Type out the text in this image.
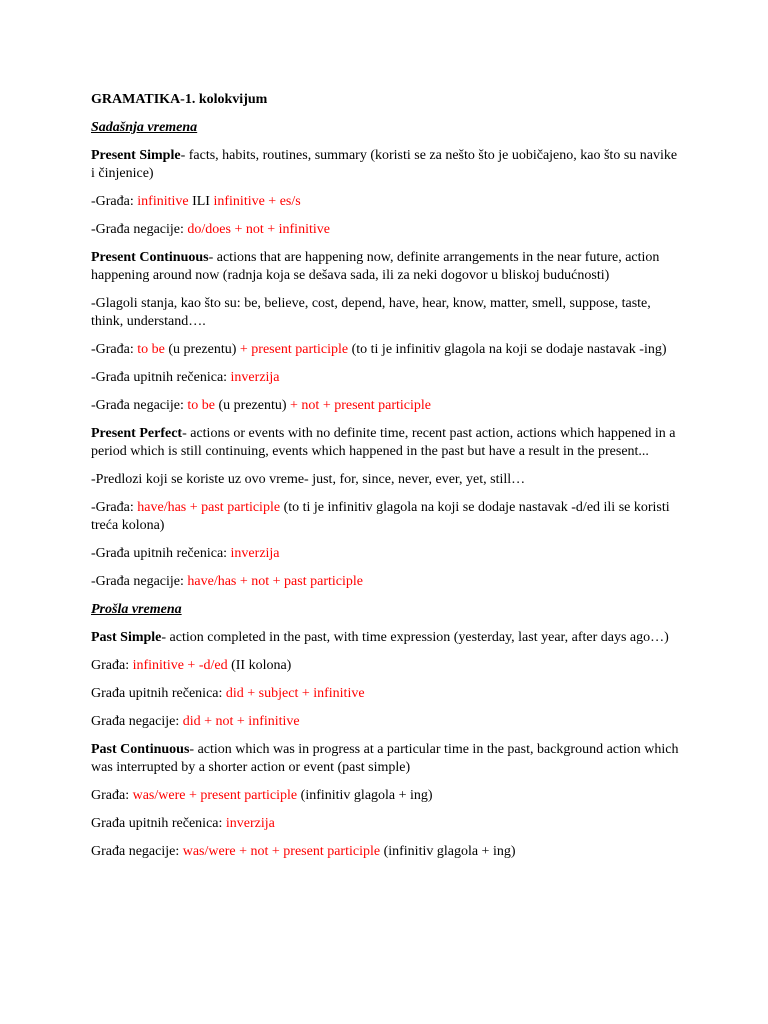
GRAMATIKA-1. kolokvijum

Sadašnja vremena

Present Simple- facts, habits, routines, summary (koristi se za nešto što je uobičajeno, kao što su navike i činjenice)

-Građa: infinitive ILI infinitive + es/s

-Građa negacije: do/does + not + infinitive

Present Continuous- actions that are happening now, definite arrangements in the near future, action happening around now (radnja koja se dešava sada, ili za neki dogovor u bliskoj budućnosti)

-Glagoli stanja, kao što su: be, believe, cost, depend, have, hear, know, matter, smell, suppose, taste, think, understand….

-Građa: to be (u prezentu) + present participle (to ti je infinitiv glagola na koji se dodaje nastavak -ing)

-Građa upitnih rečenica: inverzija

-Građa negacije: to be (u prezentu) + not + present participle

Present Perfect- actions or events with no definite time, recent past action, actions which happened in a period which is still continuing, events which happened in the past but have a result in the present...

-Predlozi koji se koriste uz ovo vreme- just, for, since, never, ever, yet, still…

-Građa: have/has + past participle (to ti je infinitiv glagola na koji se dodaje nastavak -d/ed ili se koristi treća kolona)

-Građa upitnih rečenica: inverzija

-Građa negacije: have/has + not + past participle

Prošla vremena

Past Simple- action completed in the past, with time expression (yesterday, last year, after days ago…)

Građa: infinitive + -d/ed (II kolona)

Građa upitnih rečenica: did + subject + infinitive

Građa negacije: did + not + infinitive

Past Continuous- action which was in progress at a particular time in the past, background action which was interrupted by a shorter action or event (past simple)

Građa: was/were + present participle (infinitiv glagola + ing)

Građa upitnih rečenica: inverzija

Građa negacije: was/were + not + present participle (infinitiv glagola + ing)
